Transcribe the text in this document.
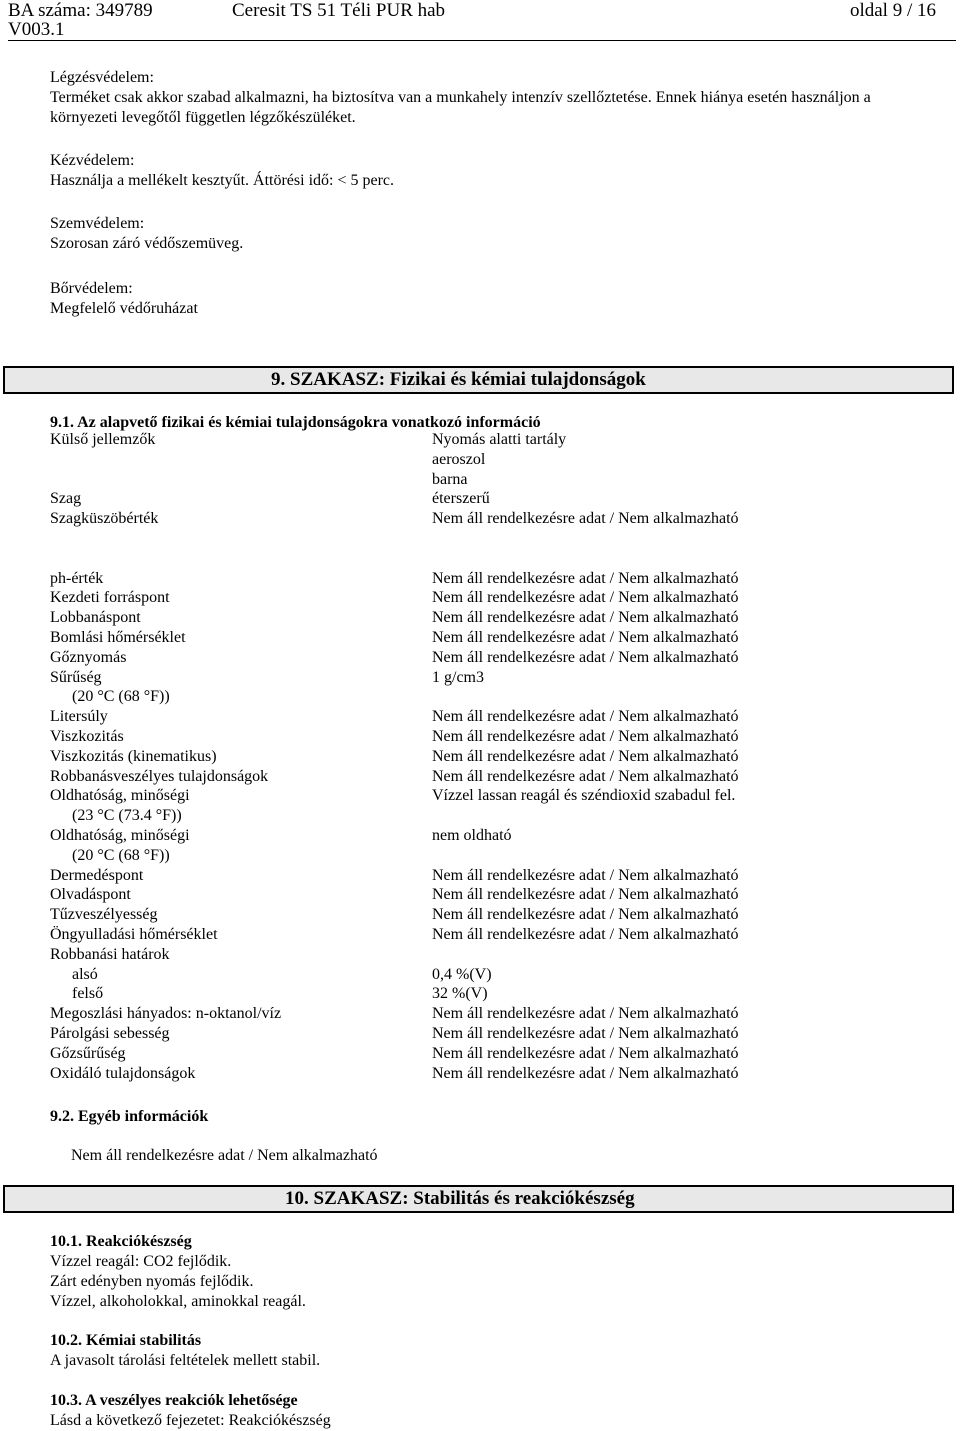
BA száma: 349789	Ceresit TS 51 Téli PUR hab	oldal 9 / 16
V003.1
Légzésvédelem:
Terméket csak akkor szabad alkalmazni, ha biztosítva van a munkahely intenzív szellőztetése. Ennek hiánya esetén használjon a
környezeti levegőtől független légzőkészüléket.
Kézvédelem:
Használja a mellékelt kesztyűt. Áttörési idő: < 5 perc.
Szemvédelem:
Szorosan záró védőszemüveg.
Bőrvédelem:
Megfelelő védőruházat
9. SZAKASZ: Fizikai és kémiai tulajdonságok
9.1. Az alapvető fizikai és kémiai tulajdonságokra vonatkozó információ
Külső jellemzők	Nyomás alatti tartály
aeroszol
barna
Szag	éterszerű
Szagküszöbérték	Nem áll rendelkezésre adat / Nem alkalmazható
ph-érték	Nem áll rendelkezésre adat / Nem alkalmazható
Kezdeti forráspont	Nem áll rendelkezésre adat / Nem alkalmazható
Lobbanáspont	Nem áll rendelkezésre adat / Nem alkalmazható
Bomlási hőmérséklet	Nem áll rendelkezésre adat / Nem alkalmazható
Gőznyomás	Nem áll rendelkezésre adat / Nem alkalmazható
Sűrűség	1 g/cm3
(20 °C (68 °F))
Litersúly	Nem áll rendelkezésre adat / Nem alkalmazható
Viszkozitás	Nem áll rendelkezésre adat / Nem alkalmazható
Viszkozitás (kinematikus)	Nem áll rendelkezésre adat / Nem alkalmazható
Robbanásveszélyes tulajdonságok	Nem áll rendelkezésre adat / Nem alkalmazható
Oldhatóság, minőségi	Vízzel lassan reagál és széndioxid szabadul fel.
(23 °C (73.4 °F))
Oldhatóság, minőségi	nem oldható
(20 °C (68 °F))
Dermedéspont	Nem áll rendelkezésre adat / Nem alkalmazható
Olvadáspont	Nem áll rendelkezésre adat / Nem alkalmazható
Tűzveszélyesség	Nem áll rendelkezésre adat / Nem alkalmazható
Öngyulladási hőmérséklet	Nem áll rendelkezésre adat / Nem alkalmazható
Robbanási határok
alsó	0,4 %(V)
felső	32 %(V)
Megoszlási hányados: n-oktanol/víz	Nem áll rendelkezésre adat / Nem alkalmazható
Párolgási sebesség	Nem áll rendelkezésre adat / Nem alkalmazható
Gőzsűrűség	Nem áll rendelkezésre adat / Nem alkalmazható
Oxidáló tulajdonságok	Nem áll rendelkezésre adat / Nem alkalmazható
9.2. Egyéb információk
Nem áll rendelkezésre adat / Nem alkalmazható
10. SZAKASZ: Stabilitás és reakciókészség
10.1. Reakciókészség
Vízzel reagál: CO2 fejlődik.
Zárt edényben nyomás fejlődik.
Vízzel, alkoholokkal, aminokkal reagál.
10.2. Kémiai stabilitás
A javasolt tárolási feltételek mellett stabil.
10.3. A veszélyes reakciók lehetősége
Lásd a következő fejezetet: Reakciókészség
